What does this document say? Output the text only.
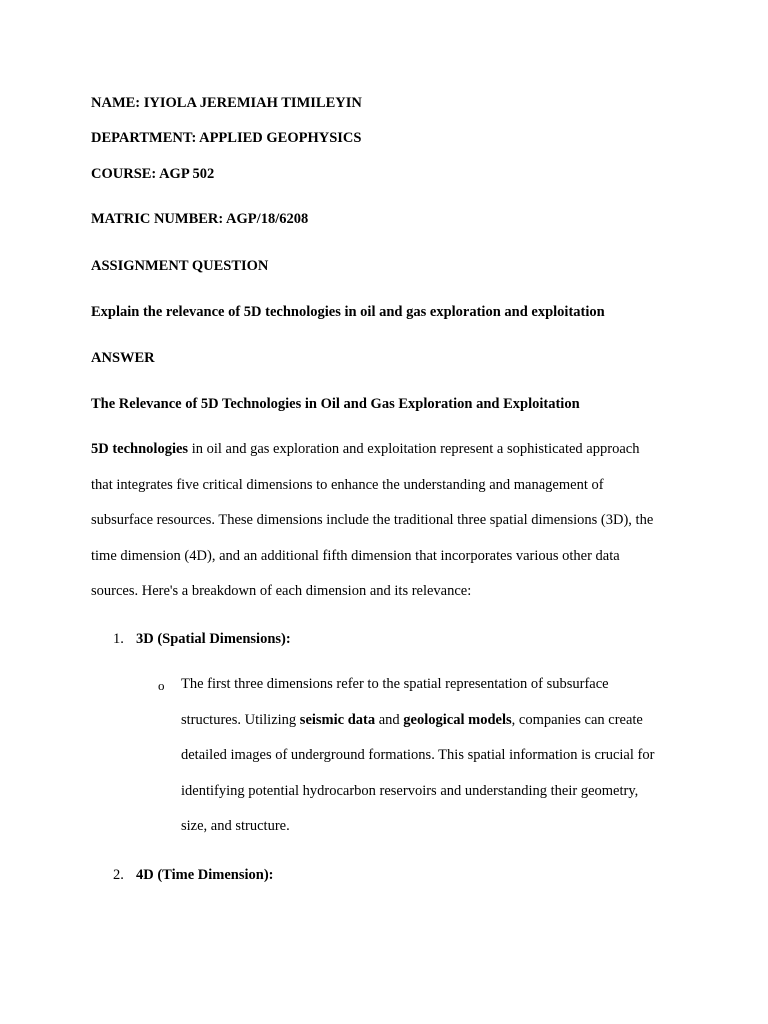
NAME: IYIOLA JEREMIAH TIMILEYIN
DEPARTMENT: APPLIED GEOPHYSICS
COURSE: AGP 502
MATRIC NUMBER: AGP/18/6208
ASSIGNMENT QUESTION
Explain the relevance of 5D technologies in oil and gas exploration and exploitation
ANSWER
The Relevance of 5D Technologies in Oil and Gas Exploration and Exploitation
5D technologies in oil and gas exploration and exploitation represent a sophisticated approach
that integrates five critical dimensions to enhance the understanding and management of
subsurface resources. These dimensions include the traditional three spatial dimensions (3D), the
time dimension (4D), and an additional fifth dimension that incorporates various other data
sources. Here's a breakdown of each dimension and its relevance:
1. 3D (Spatial Dimensions):
o The first three dimensions refer to the spatial representation of subsurface
structures. Utilizing seismic data and geological models, companies can create
detailed images of underground formations. This spatial information is crucial for
identifying potential hydrocarbon reservoirs and understanding their geometry,
size, and structure.
2. 4D (Time Dimension):
